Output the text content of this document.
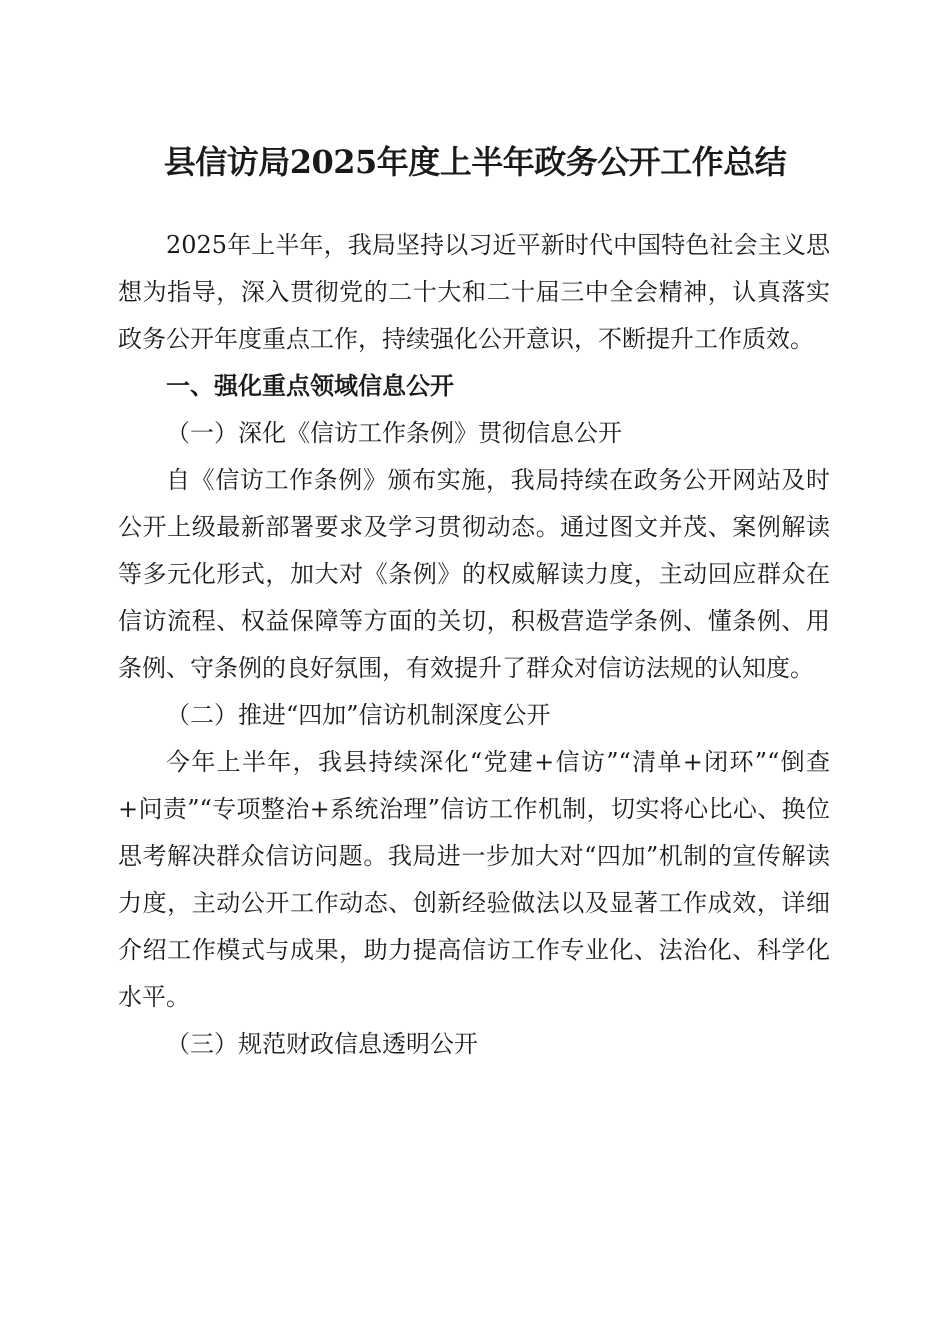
县信访局2025年度上半年政务公开工作总结

2025年上半年，我局坚持以习近平新时代中国特色社会主义思想为指导，深入贯彻党的二十大和二十届三中全会精神，认真落实政务公开年度重点工作，持续强化公开意识，不断提升工作质效。

一、强化重点领域信息公开

（一）深化《信访工作条例》贯彻信息公开

自《信访工作条例》颁布实施，我局持续在政务公开网站及时公开上级最新部署要求及学习贯彻动态。通过图文并茂、案例解读等多元化形式，加大对《条例》的权威解读力度，主动回应群众在信访流程、权益保障等方面的关切，积极营造学条例、懂条例、用条例、守条例的良好氛围，有效提升了群众对信访法规的认知度。

（二）推进“四加”信访机制深度公开

今年上半年，我县持续深化“党建+信访”“清单+闭环”“倒查+问责”“专项整治+系统治理”信访工作机制，切实将心比心、换位思考解决群众信访问题。我局进一步加大对“四加”机制的宣传解读力度，主动公开工作动态、创新经验做法以及显著工作成效，详细介绍工作模式与成果，助力提高信访工作专业化、法治化、科学化水平。

（三）规范财政信息透明公开
